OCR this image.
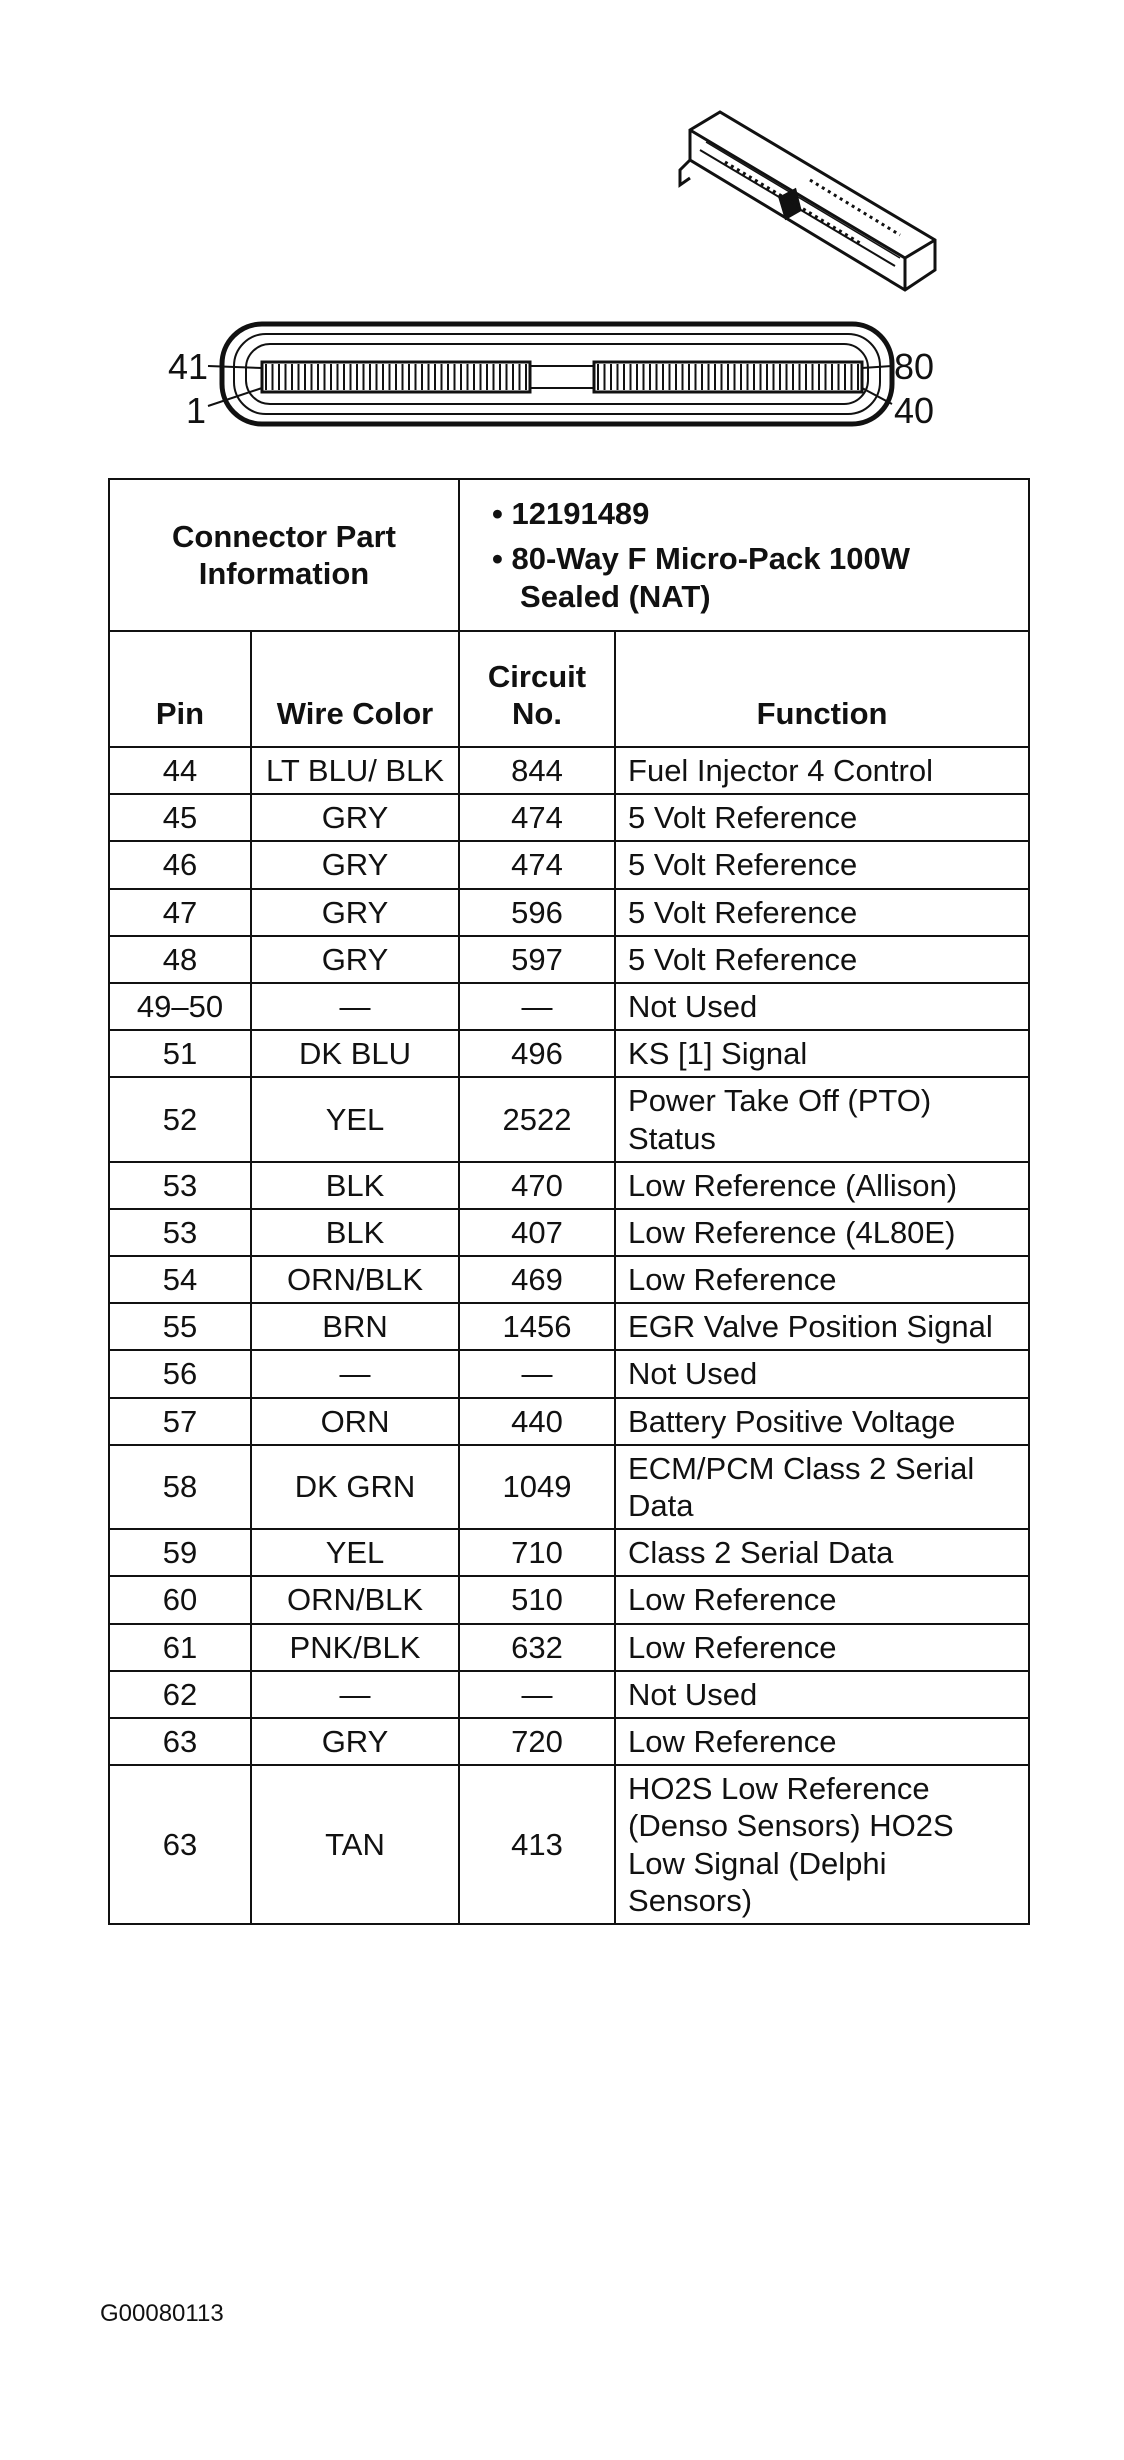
41
1
80
40
Connector Part Information		• 12191489
• 80-Way F Micro-Pack 100W Sealed (NAT)	

Pin	Wire Color	Circuit No.	Function
44	LT BLU/ BLK	844	Fuel Injector 4 Control
45	GRY	474	5 Volt Reference
46	GRY	474	5 Volt Reference
47	GRY	596	5 Volt Reference
48	GRY	597	5 Volt Reference
49–50	—	—	Not Used
51	DK BLU	496	KS [1] Signal
52	YEL	2522	Power Take Off (PTO) Status
53	BLK	470	Low Reference (Allison)
53	BLK	407	Low Reference (4L80E)
54	ORN/BLK	469	Low Reference
55	BRN	1456	EGR Valve Position Signal
56	—	—	Not Used
57	ORN	440	Battery Positive Voltage
58	DK GRN	1049	ECM/PCM Class 2 Serial Data
59	YEL	710	Class 2 Serial Data
60	ORN/BLK	510	Low Reference
61	PNK/BLK	632	Low Reference
62	—	—	Not Used
63	GRY	720	Low Reference
63	TAN	413	HO2S Low Reference (Denso Sensors) HO2S Low Signal (Delphi Sensors)
G00080113
